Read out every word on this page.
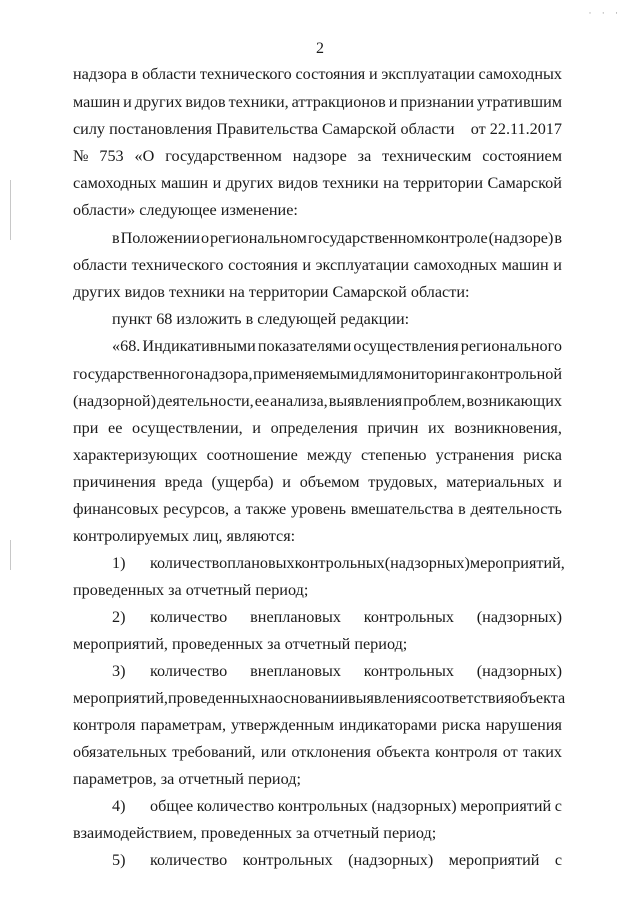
· · ·
2
надзора в области технического состояния и эксплуатации самоходных
машин и других видов техники, аттракционов и признании утратившим
силу постановления Правительства Самарской области от 22.11.2017
№ 753 «О государственном надзоре за техническим состоянием
самоходных машин и других видов техники на территории Самарской
области» следующее изменение:
в Положении о региональном государственном контроле (надзоре) в
области технического состояния и эксплуатации самоходных машин и
других видов техники на территории Самарской области:
пункт 68 изложить в следующей редакции:
«68. Индикативными показателями осуществления регионального
государственного надзора, применяемыми для мониторинга контрольной
(надзорной) деятельности, ее анализа, выявления проблем, возникающих
при ее осуществлении, и определения причин их возникновения,
характеризующих соотношение между степенью устранения риска
причинения вреда (ущерба) и объемом трудовых, материальных и
финансовых ресурсов, а также уровень вмешательства в деятельность
контролируемых лиц, являются:
1) количество плановых контрольных (надзорных) мероприятий,
проведенных за отчетный период;
2) количество внеплановых контрольных (надзорных)
мероприятий, проведенных за отчетный период;
3) количество внеплановых контрольных (надзорных)
мероприятий, проведенных на основании выявления соответствия объекта
контроля параметрам, утвержденным индикаторами риска нарушения
обязательных требований, или отклонения объекта контроля от таких
параметров, за отчетный период;
4) общее количество контрольных (надзорных) мероприятий с
взаимодействием, проведенных за отчетный период;
5) количество контрольных (надзорных) мероприятий с
